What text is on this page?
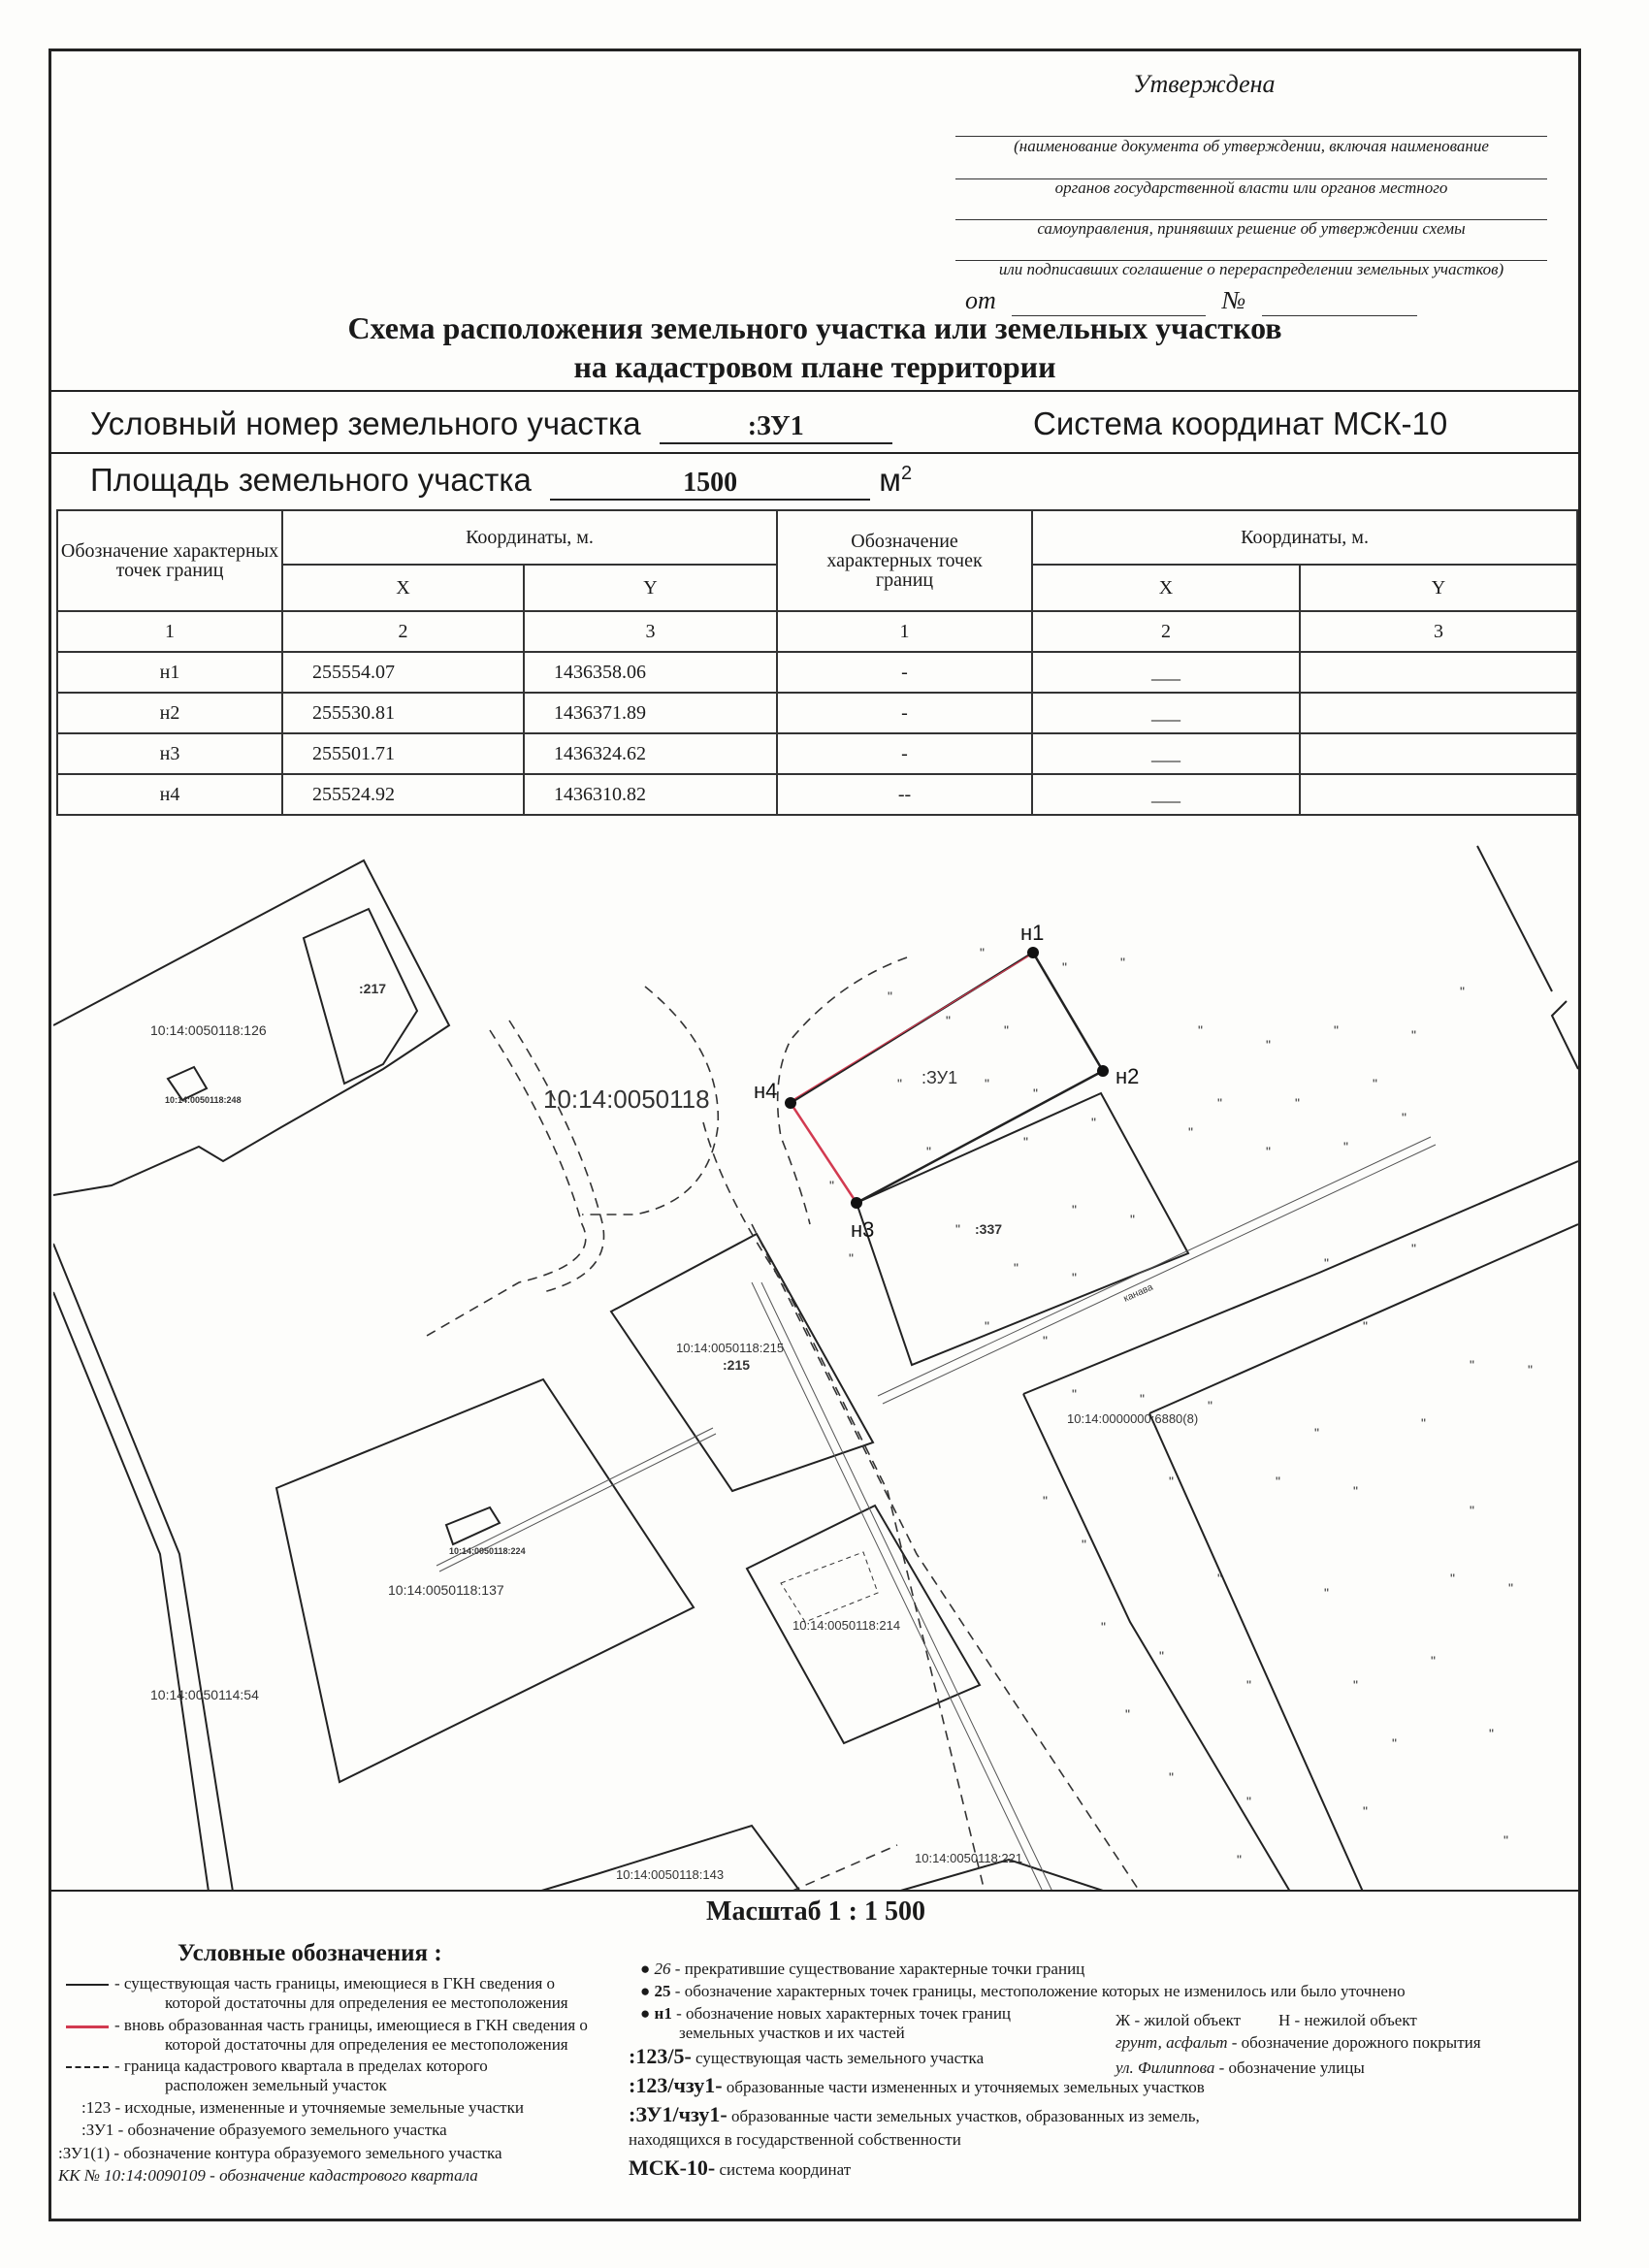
Утверждена
(наименование документа об утверждении, включая наименование
органов государственной власти или органов местного
самоуправления, принявших решение об утверждении схемы
или подписавших соглашение о перераспределении земельных участков)
от	№
Схема расположения земельного участка или земельных участков
на кадастровом плане территории
Условный номер земельного участка	:ЗУ1	Система координат МСК-10
Площадь земельного участка	1500	$м^2$
Обозначение характерных точек границ	Координаты, м.		Обозначение характерных точек границ	Координаты, м.	
	X	Y		X	Y
1	2	3	1	2	3
н1	255554.07	1436358.06	-	___	
н2	255530.81	1436371.89	-	___	
н3	255501.71	1436324.62	-	___	
н4	255524.92	1436310.82	--	___	
"
"	"
"
"
"	"
"
"	"
"
"
"	"
"
"
"
"
"	"
"
"
"
"
"
"
"
"
"
"
"
"
"	"
"
"
"	"
"	"	"
"
"
"	"
"
"
"
"
"
"
"
"
"
"
"	"
"
"
"
"
"
"
"
"
"
н1
н2
н3
н4
10:14:0050118
:ЗУ1
:217
10:14:0050118:126
10:14:0050118:248
:337
10:14:0050118:215
:215
10:14:0000000:6880(8)
10:14:0050118:224
10:14:0050118:137
10:14:0050118:214
10:14:0050114:54
10:14:0050118:143
10:14:0050118:221
канава
Масштаб 1 : 1 500
Условные обозначения :
- существующая часть границы, имеющиеся в ГКН сведения о
которой достаточны для определения ее местоположения
- вновь образованная часть границы, имеющиеся в ГКН сведения о
которой достаточны для определения ее местоположения
- граница кадастрового квартала в пределах которого
расположен земельный участок
:123 - исходные, измененные и уточняемые земельные участки
:ЗУ1 - обозначение образуемого земельного участка
:ЗУ1(1) - обозначение контура образуемого земельного участка
КК № 10:14:0090109 - обозначение кадастрового квартала
● 26 - прекратившие существование характерные точки границ
● 25 - обозначение характерных точек границы, местоположение которых не изменилось или было уточнено
● н1 - обозначение новых характерных точек границ
земельных участков и их частей
Ж - жилой объект Н - нежилой объект
грунт, асфальт - обозначение дорожного покрытия
ул. Филиппова - обозначение улицы
:123/5- существующая часть земельного участка
:123/чзу1- образованные части измененных и уточняемых земельных участков
:ЗУ1/чзу1- образованные части земельных участков, образованных из земель,
находящихся в государственной собственности
МСК-10- система координат
